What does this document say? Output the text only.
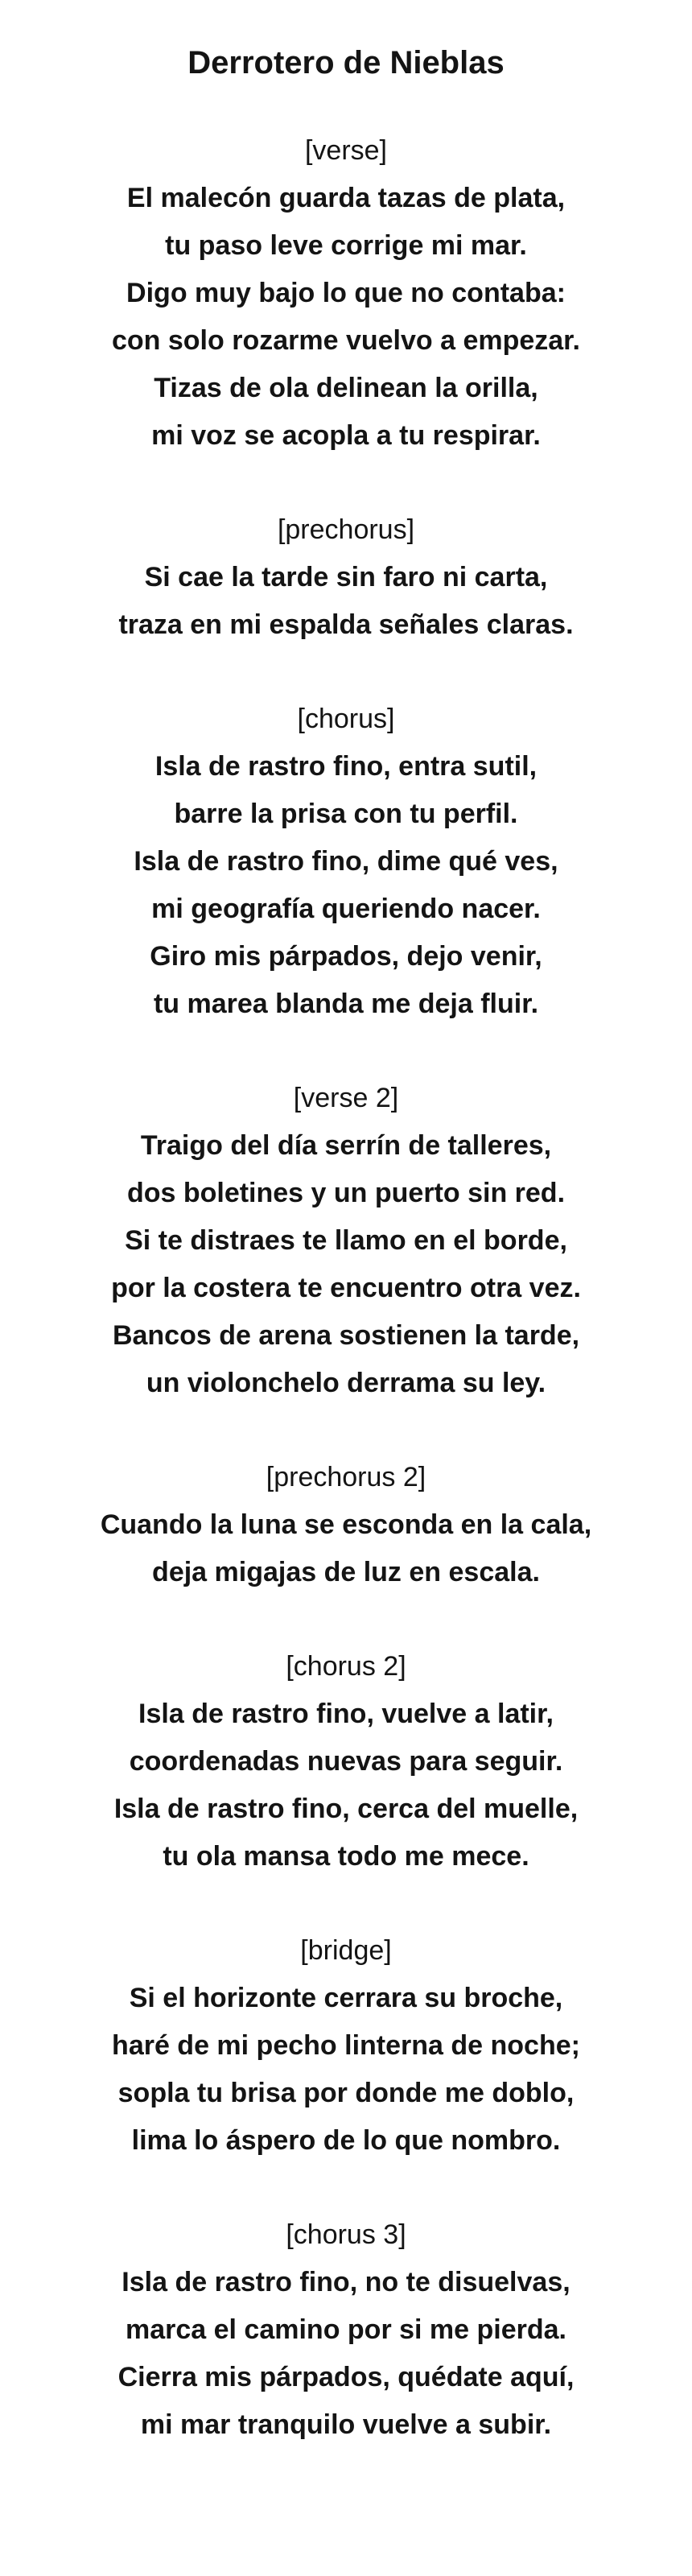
Derrotero de Nieblas
[verse]
El malecón guarda tazas de plata,
tu paso leve corrige mi mar.
Digo muy bajo lo que no contaba:
con solo rozarme vuelvo a empezar.
Tizas de ola delinean la orilla,
mi voz se acopla a tu respirar.
[prechorus]
Si cae la tarde sin faro ni carta,
traza en mi espalda señales claras.
[chorus]
Isla de rastro fino, entra sutil,
barre la prisa con tu perfil.
Isla de rastro fino, dime qué ves,
mi geografía queriendo nacer.
Giro mis párpados, dejo venir,
tu marea blanda me deja fluir.
[verse 2]
Traigo del día serrín de talleres,
dos boletines y un puerto sin red.
Si te distraes te llamo en el borde,
por la costera te encuentro otra vez.
Bancos de arena sostienen la tarde,
un violonchelo derrama su ley.
[prechorus 2]
Cuando la luna se esconda en la cala,
deja migajas de luz en escala.
[chorus 2]
Isla de rastro fino, vuelve a latir,
coordenadas nuevas para seguir.
Isla de rastro fino, cerca del muelle,
tu ola mansa todo me mece.
[bridge]
Si el horizonte cerrara su broche,
haré de mi pecho linterna de noche;
sopla tu brisa por donde me doblo,
lima lo áspero de lo que nombro.
[chorus 3]
Isla de rastro fino, no te disuelvas,
marca el camino por si me pierda.
Cierra mis párpados, quédate aquí,
mi mar tranquilo vuelve a subir.
